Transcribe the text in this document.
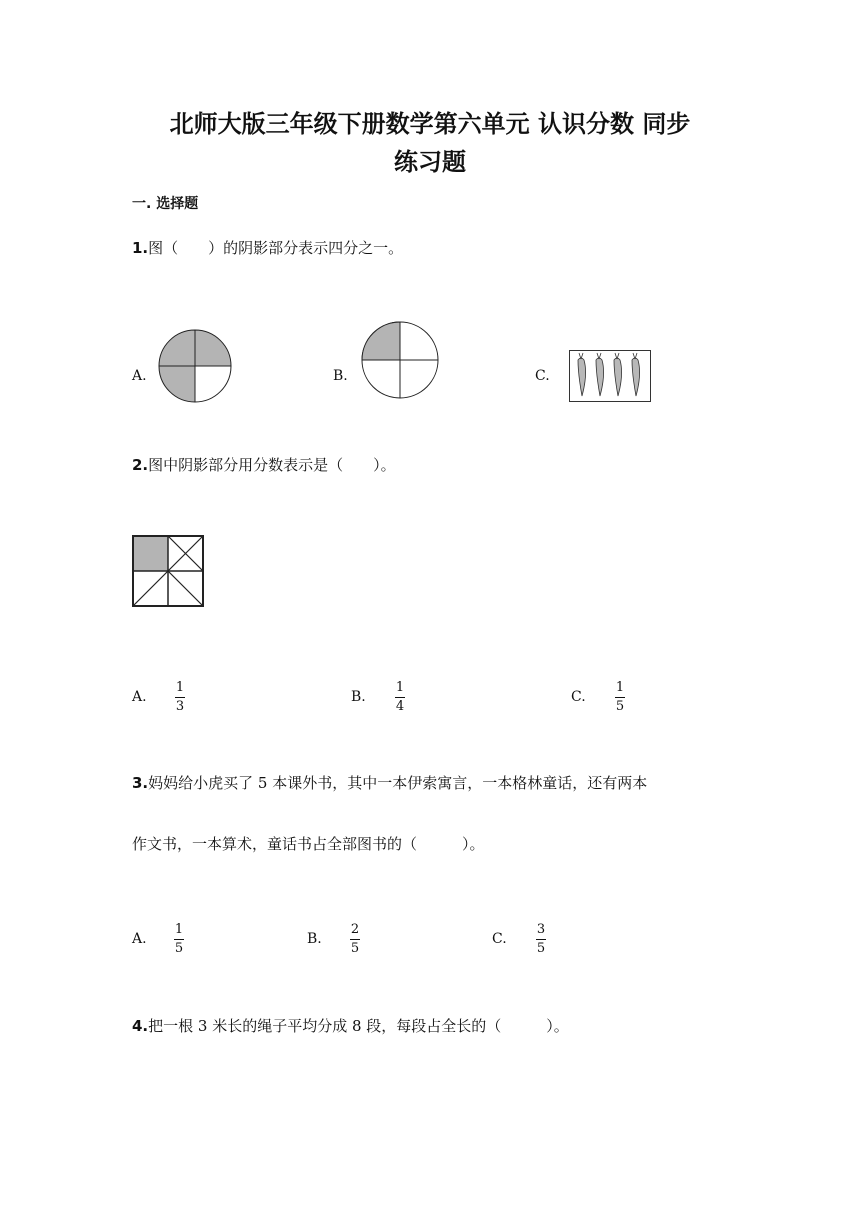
北师大版三年级下册数学第六单元 认识分数 同步
练习题
一. 选择题
1.图（　　）的阴影部分表示四分之一。
A.	B.	C.
2.图中阴影部分用分数表示是（　　）。
A.
1
3
B.
1
4
C.
1
5
3.妈妈给小虎买了 5 本课外书，其中一本伊索寓言，一本格林童话，还有两本
作文书，一本算术，童话书占全部图书的（　　　）。
A.
1
5
B.
2
5
C.
3
5
4.把一根 3 米长的绳子平均分成 8 段，每段占全长的（　　　）。
